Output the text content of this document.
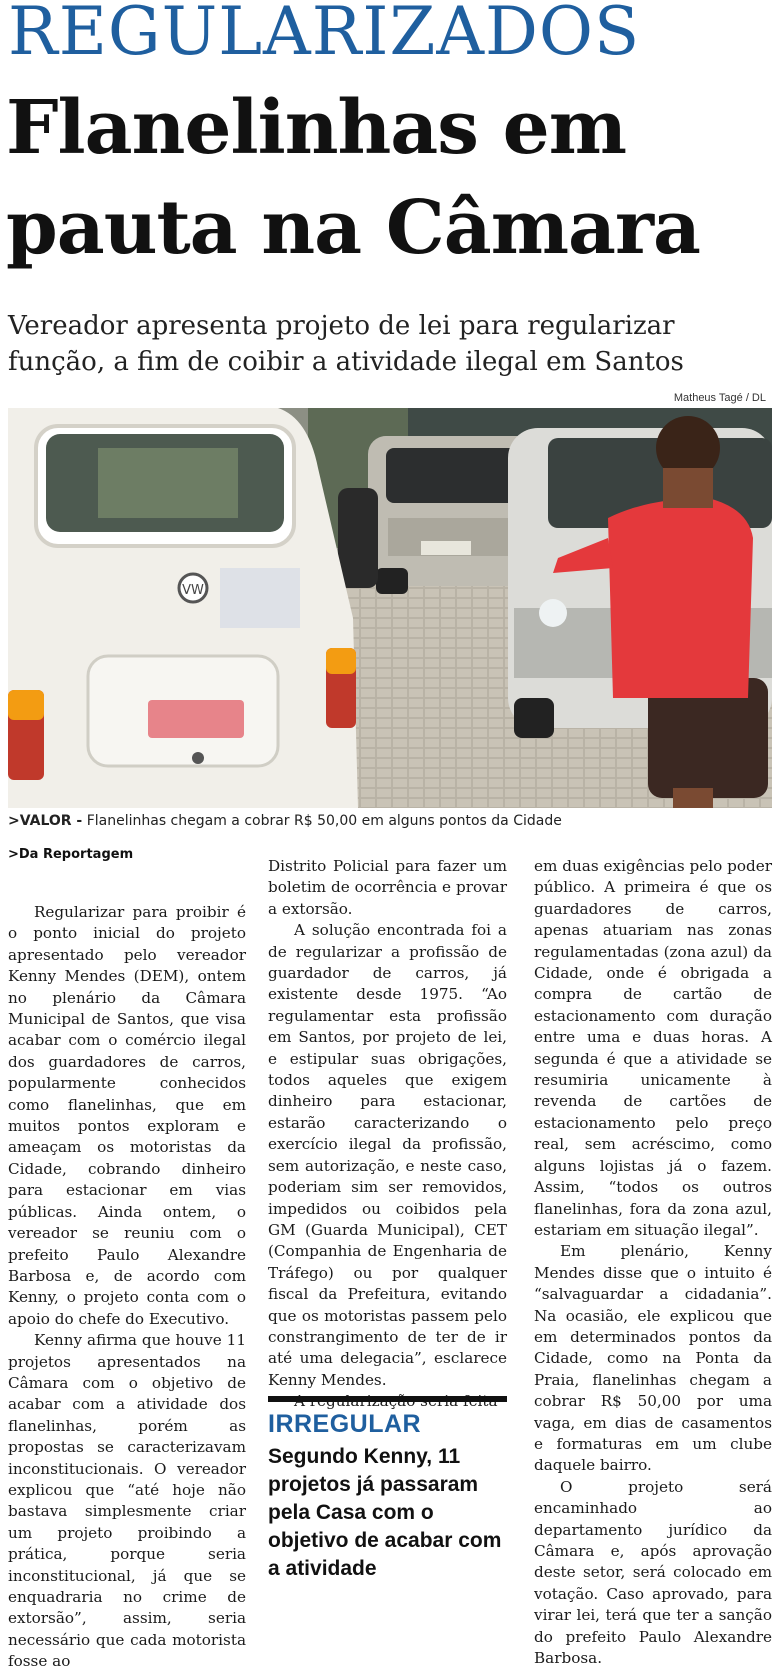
REGULARIZADOS
Flanelinhas em pauta na Câmara

Vereador apresenta projeto de lei para regularizar função, a fim de coibir a atividade ilegal em Santos

Matheus Tagé / DL
VW
>VALOR - Flanelinhas chegam a cobrar R$ 50,00 em alguns pontos da Cidade
>Da Reportagem

Regularizar para proibir é o ponto inicial do projeto apresentado pelo vereador Kenny Mendes (DEM), ontem no plenário da Câmara Municipal de Santos, que visa acabar com o comércio ilegal dos guardadores de carros, popularmente conhecidos como flanelinhas, que em muitos pontos exploram e ameaçam os motoristas da Cidade, cobrando dinheiro para estacionar em vias públicas. Ainda ontem, o vereador se reuniu com o prefeito Paulo Alexandre Barbosa e, de acordo com Kenny, o projeto conta com o apoio do chefe do Executivo.

Kenny afirma que houve 11 projetos apresentados na Câmara com o objetivo de acabar com a atividade dos flanelinhas, porém as propostas se caracterizavam inconstitucionais. O vereador explicou que “até hoje não bastava simplesmente criar um projeto proibindo a prática, porque seria inconstitucional, já que se enquadraria no crime de extorsão”, assim, seria necessário que cada motorista fosse ao

Distrito Policial para fazer um boletim de ocorrência e provar a extorsão.

A solução encontrada foi a de regularizar a profissão de guardador de carros, já existente desde 1975. “Ao regulamentar esta profissão em Santos, por projeto de lei, e estipular suas obrigações, todos aqueles que exigem dinheiro para estacionar, estarão caracterizando o exercício ilegal da profissão, sem autorização, e neste caso, poderiam sim ser removidos, impedidos ou coibidos pela GM (Guarda Municipal), CET (Companhia de Engenharia de Tráfego) ou por qualquer fiscal da Prefeitura, evitando que os motoristas passem pelo constrangimento de ter de ir até uma delegacia”, esclarece Kenny Mendes.

A regularização seria feita

IRREGULAR

Segundo Kenny, 11 projetos já passaram pela Casa com o objetivo de acabar com a atividade

em duas exigências pelo poder público. A primeira é que os guardadores de carros, apenas atuariam nas zonas regulamentadas (zona azul) da Cidade, onde é obrigada a compra de cartão de estacionamento com duração entre uma e duas horas. A segunda é que a atividade se resumiria unicamente à revenda de cartões de estacionamento pelo preço real, sem acréscimo, como alguns lojistas já o fazem. Assim, “todos os outros flanelinhas, fora da zona azul, estariam em situação ilegal”.

Em plenário, Kenny Mendes disse que o intuito é “salvaguardar a cidadania”. Na ocasião, ele explicou que em determinados pontos da Cidade, como na Ponta da Praia, flanelinhas chegam a cobrar R$ 50,00 por uma vaga, em dias de casamentos e formaturas em um clube daquele bairro.

O projeto será encaminhado ao departamento jurídico da Câmara e, após aprovação deste setor, será colocado em votação. Caso aprovado, para virar lei, terá que ter a sanção do prefeito Paulo Alexandre Barbosa.
